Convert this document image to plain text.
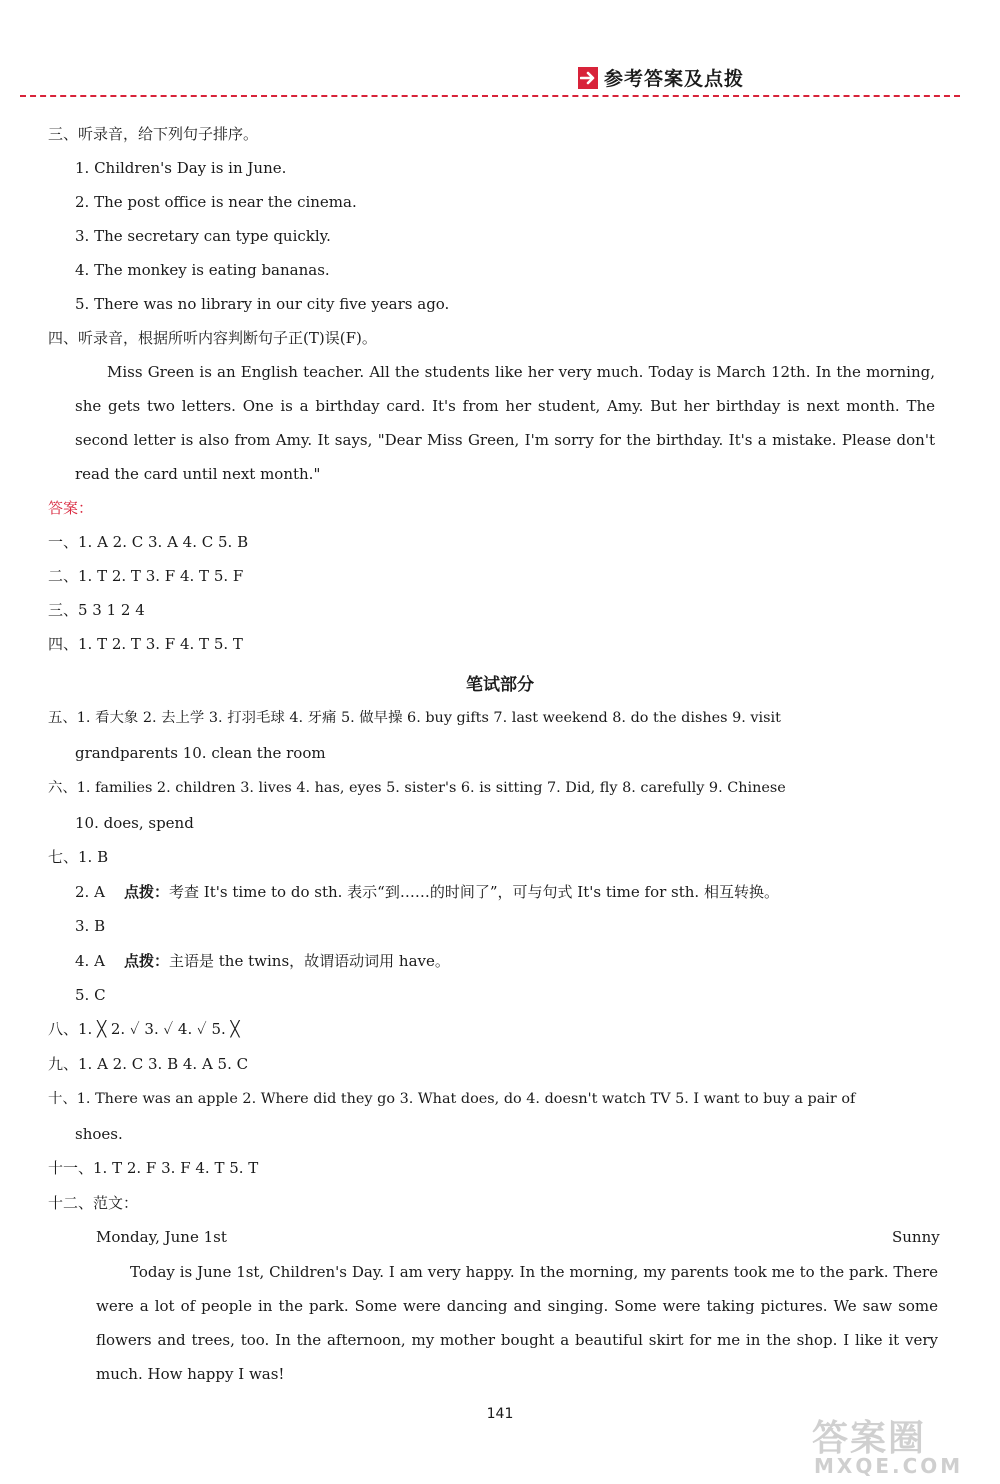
参考答案及点拨
三、听录音，给下列句子排序。
1. Children's Day is in June.
2. The post office is near the cinema.
3. The secretary can type quickly.
4. The monkey is eating bananas.
5. There was no library in our city five years ago.
四、听录音，根据所听内容判断句子正(T)误(F)。
Miss Green is an English teacher. All the students like her very much. Today is March 12th. In the morning, she gets two letters. One is a birthday card. It's from her student, Amy. But her birthday is next month. The second letter is also from Amy. It says, "Dear Miss Green, I'm sorry for the birthday. It's a mistake. Please don't read the card until next month."
答案：
一、1. A 2. C 3. A 4. C 5. B
二、1. T 2. T 3. F 4. T 5. F
三、5 3 1 2 4
四、1. T 2. T 3. F 4. T 5. T
笔试部分
五、1. 看大象 2. 去上学 3. 打羽毛球 4. 牙痛 5. 做早操 6. buy gifts 7. last weekend 8. do the dishes 9. visit
grandparents 10. clean the room
六、1. families 2. children 3. lives 4. has, eyes 5. sister's 6. is sitting 7. Did, fly 8. carefully 9. Chinese
10. does, spend
七、1. B
2. A 点拨：考查 It's time to do sth. 表示“到……的时间了”，可与句式 It's time for sth. 相互转换。
3. B
4. A 点拨：主语是 the twins，故谓语动词用 have。
5. C
八、1. ╳ 2. ✓ 3. ✓ 4. ✓ 5. ╳
九、1. A 2. C 3. B 4. A 5. C
十、1. There was an apple 2. Where did they go 3. What does, do 4. doesn't watch TV 5. I want to buy a pair of
shoes.
十一、1. T 2. F 3. F 4. T 5. T
十二、范文：
Monday, June 1st	Sunny
Today is June 1st, Children's Day. I am very happy. In the morning, my parents took me to the park. There were a lot of people in the park. Some were dancing and singing. Some were taking pictures. We saw some flowers and trees, too. In the afternoon, my mother bought a beautiful skirt for me in the shop. I like it very much. How happy I was!
141
答案圈
MXQE.COM
